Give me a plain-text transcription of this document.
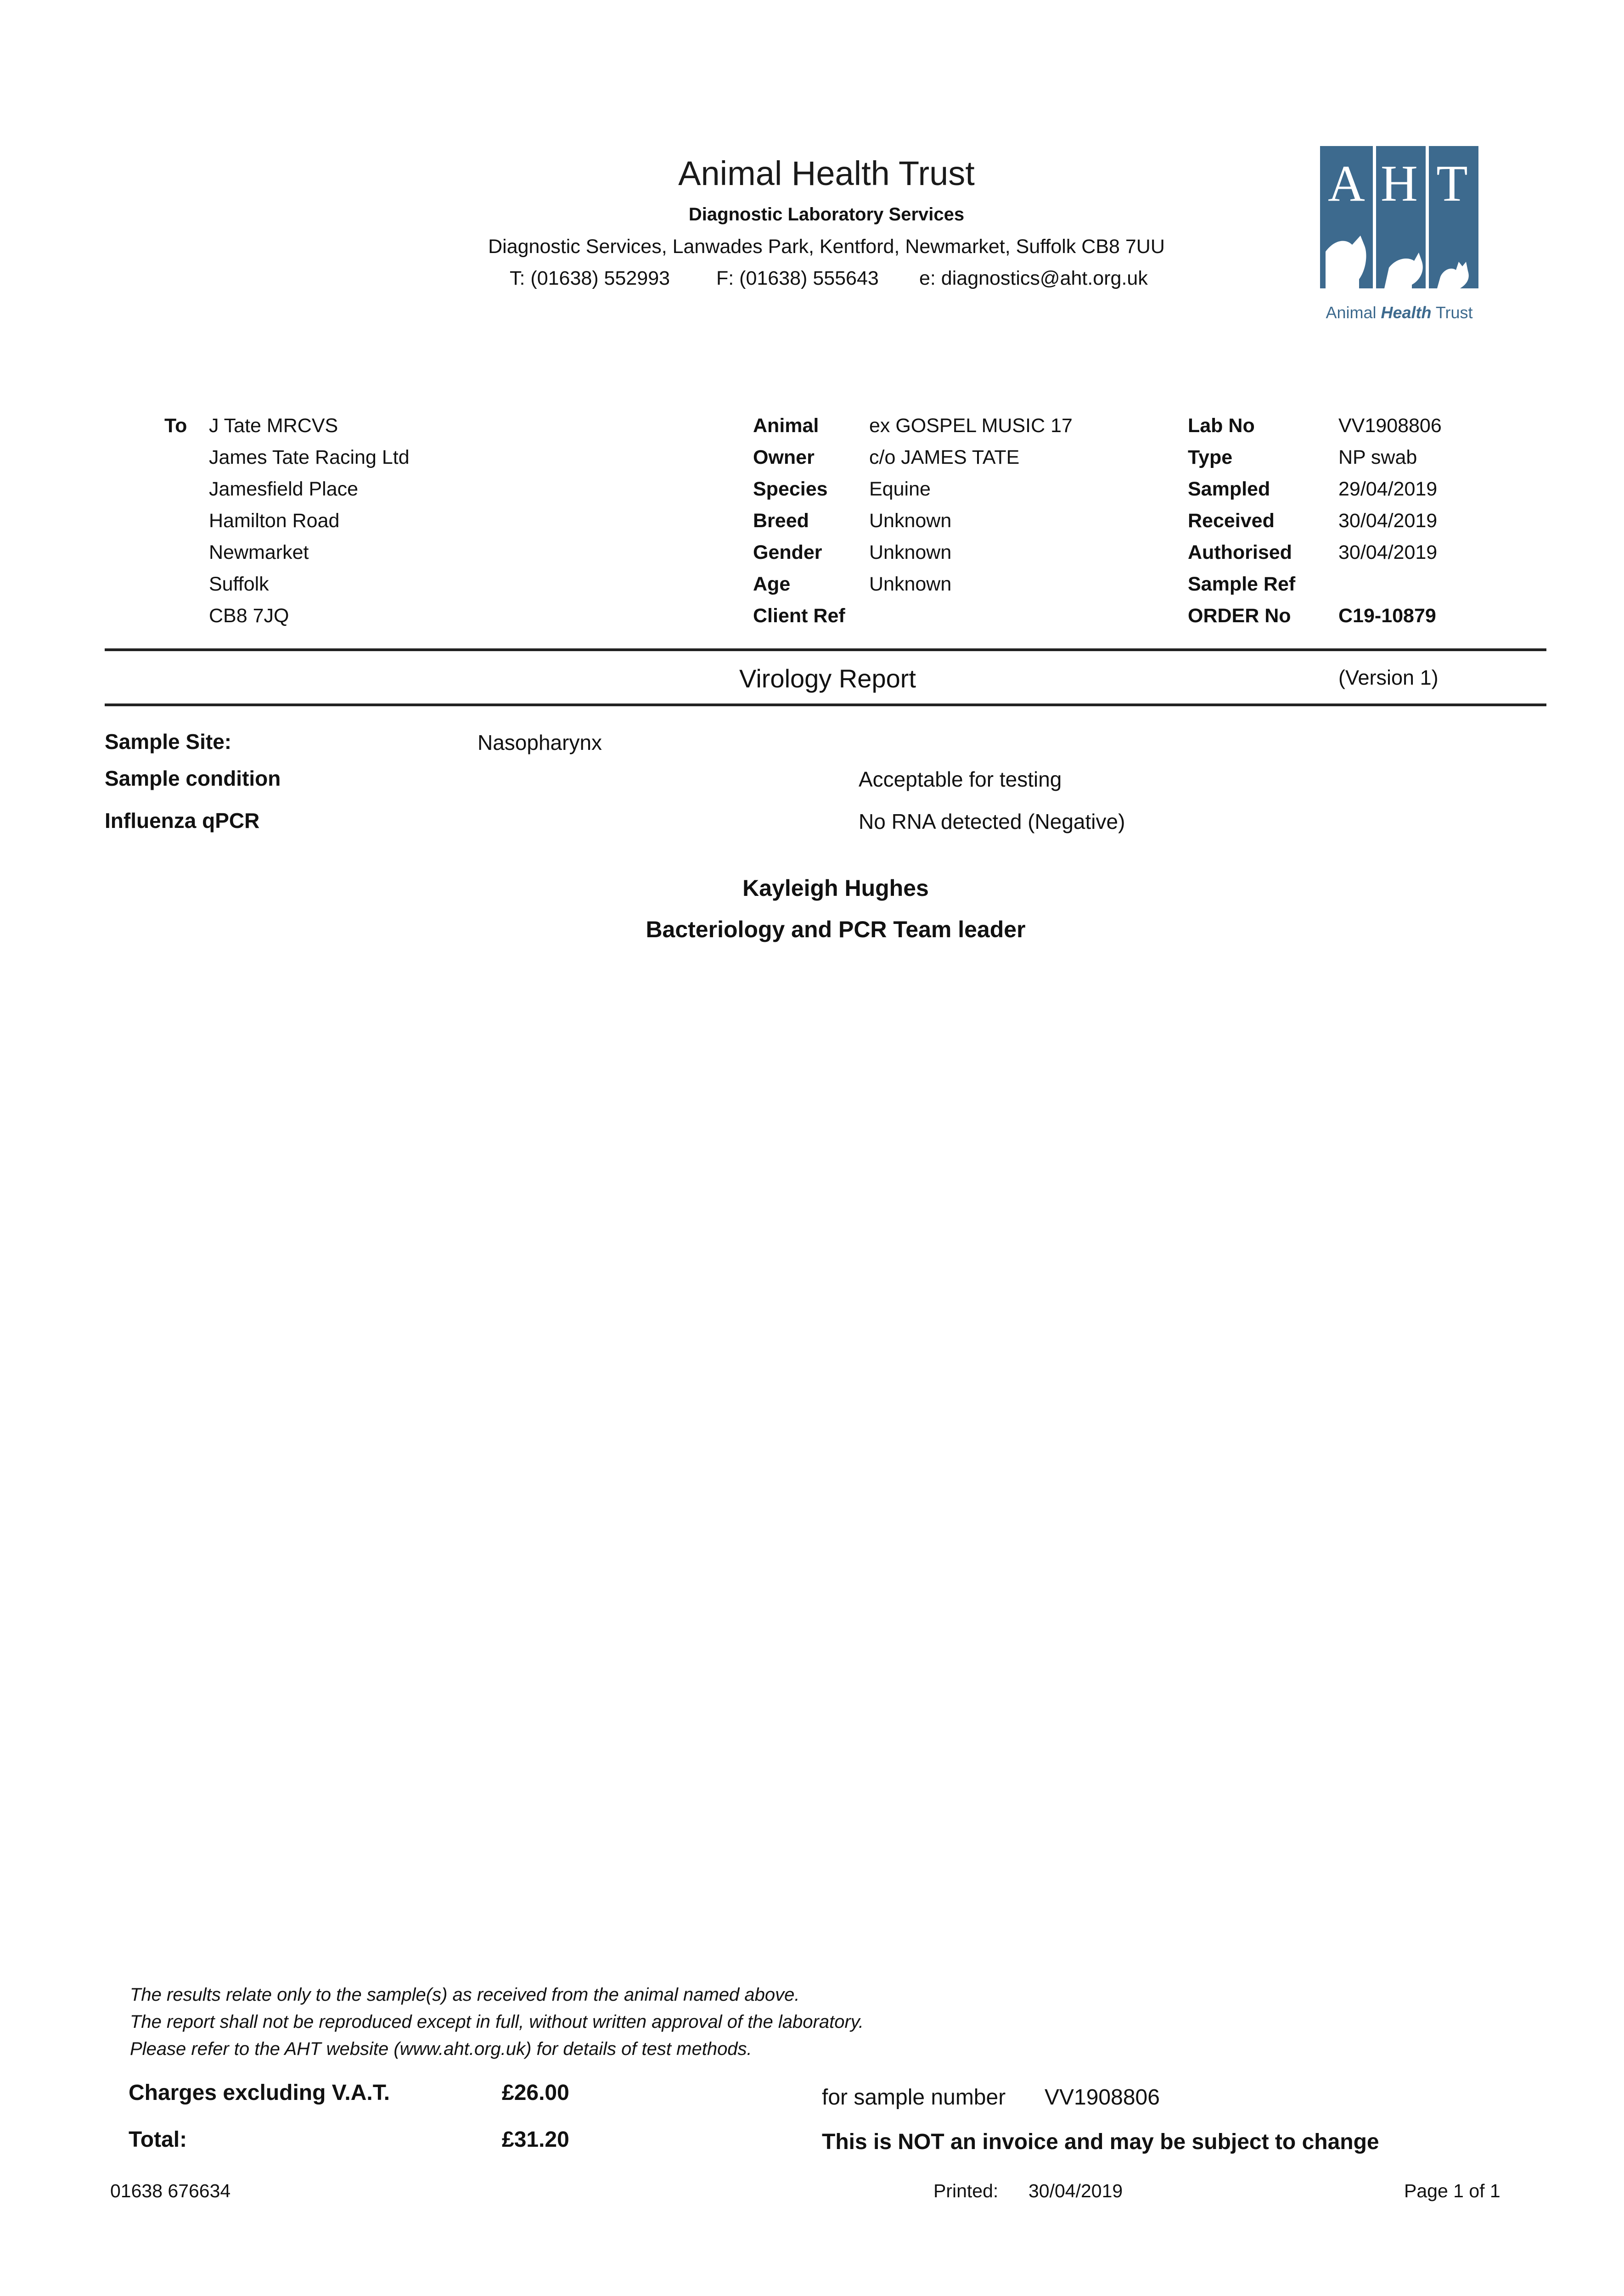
Animal Health Trust
Diagnostic Laboratory Services
Diagnostic Services, Lanwades Park, Kentford, Newmarket, Suffolk CB8 7UU
T: (01638) 552993 F: (01638) 555643 e: diagnostics@aht.org.uk
A H T
Animal Health Trust
To J Tate MRCVS
James Tate Racing Ltd
Jamesfield Place
Hamilton Road
Newmarket
Suffolk
CB8 7JQ
Animal	ex GOSPEL MUSIC 17
Owner	c/o JAMES TATE
Species Equine
Breed	Unknown
Gender Unknown
Age	Unknown
Client Ref
Lab No	VV1908806
Type	NP swab
Sampled	29/04/2019
Received	30/04/2019
Authorised 30/04/2019
Sample Ref
ORDER No C19-10879
Virology Report	(Version 1)
Sample Site:	Nasopharynx
Sample condition	Acceptable for testing
Influenza qPCR	No RNA detected (Negative)
Kayleigh Hughes
Bacteriology and PCR Team leader
The results relate only to the sample(s) as received from the animal named above.
The report shall not be reproduced except in full, without written approval of the laboratory.
Please refer to the AHT website (www.aht.org.uk) for details of test methods.
Charges excluding V.A.T.	£26.00	for sample number VV1908806
Total:	£31.20	This is NOT an invoice and may be subject to change
01638 676634	Printed: 30/04/2019	Page 1 of 1
